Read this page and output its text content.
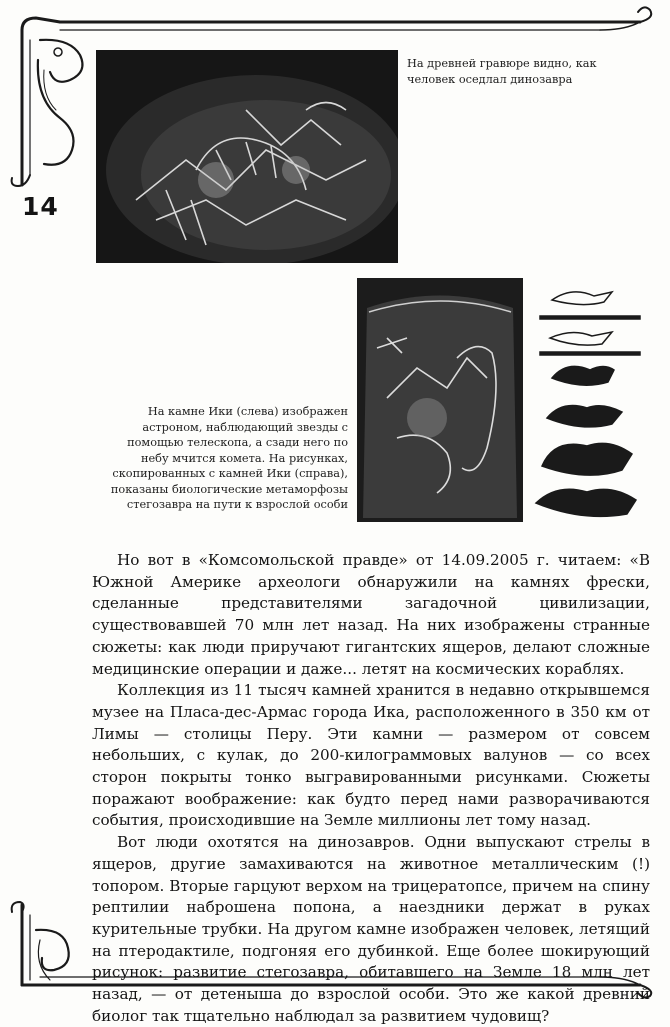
14
На древней гравюре видно, как человек оседлал динозавра
На камне Ики (слева) изображен астроном, наблюдающий звезды с помощью телескопа, а сзади него по небу мчится комета. На рисунках, скопированных с камней Ики (справа), показаны биологические метаморфозы стегозавра на пути к взрослой особи

Но вот в «Комсомольской правде» от 14.09.2005 г. читаем: «В Южной Америке археологи обнаружили на камнях фрески, сделанные представителями загадочной цивилизации, существовавшей 70 млн лет назад. На них изображены странные сюжеты: как люди приручают гигантских ящеров, делают сложные медицинские операции и даже... летят на космических кораблях.

Коллекция из 11 тысяч камней хранится в недавно открывшемся музее на Пласа-дес-Армас города Ика, расположенного в 350 км от Лимы — столицы Перу. Эти камни — размером от совсем небольших, с кулак, до 200-килограммовых валунов — со всех сторон покрыты тонко выгравированными рисунками. Сюжеты поражают воображение: как будто перед нами разворачиваются события, происходившие на Земле миллионы лет тому назад.

Вот люди охотятся на динозавров. Одни выпускают стрелы в ящеров, другие замахиваются на животное металлическим (!) топором. Вторые гарцуют верхом на трицератопсе, причем на спину рептилии наброшена попона, а наездники держат в руках курительные трубки. На другом камне изображен человек, летящий на птеродактиле, подгоняя его дубинкой. Еще более шокирующий рисунок: развитие стегозавра, обитавшего на Земле 18 млн лет назад, — от детеныша до взрослой особи. Это же какой древний биолог так тщательно наблюдал за развитием чудовищ?
